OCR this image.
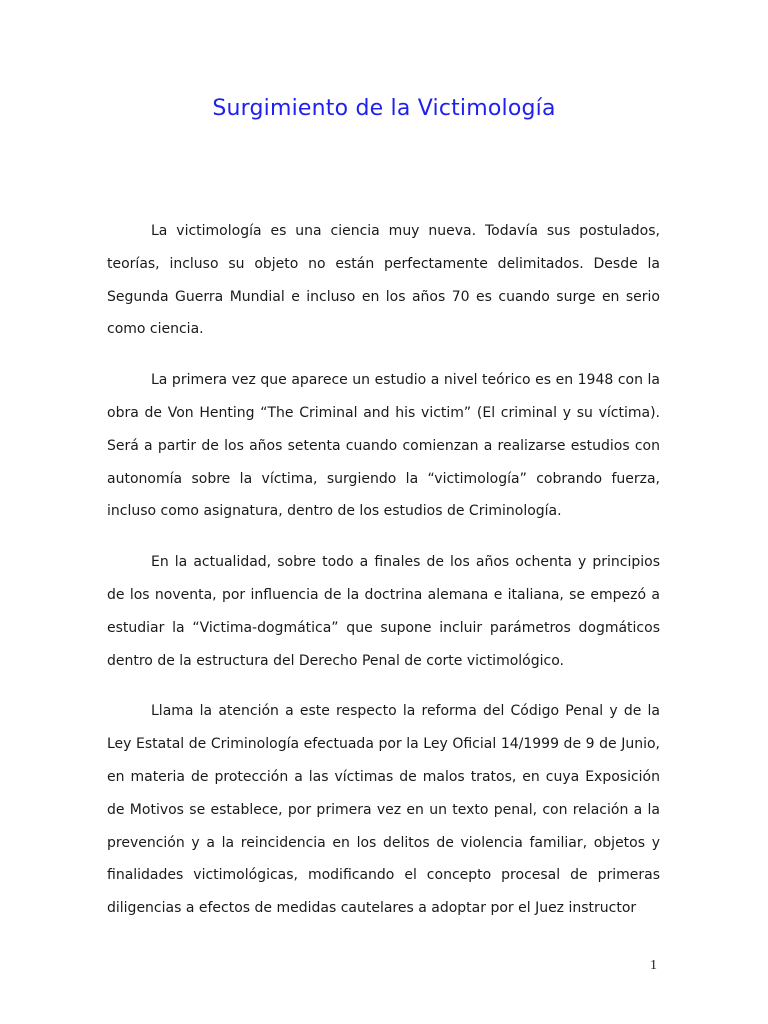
Surgimiento de la Victimología

La victimología es una ciencia muy nueva. Todavía sus postulados, teorías, incluso su objeto no están perfectamente delimitados. Desde la Segunda Guerra Mundial e incluso en los años 70 es cuando surge en serio como ciencia.

La primera vez que aparece un estudio a nivel teórico es en 1948 con la obra de Von Henting “The Criminal and his victim” (El criminal y su víctima). Será a partir de los años setenta cuando comienzan a realizarse estudios con autonomía sobre la víctima, surgiendo la “victimología” cobrando fuerza, incluso como asignatura, dentro de los estudios de Criminología.

En la actualidad, sobre todo a finales de los años ochenta y principios de los noventa, por influencia de la doctrina alemana e italiana, se empezó a estudiar la “Victima-dogmática” que supone incluir parámetros dogmáticos dentro de la estructura del Derecho Penal de corte victimológico.

Llama la atención a este respecto la reforma del Código Penal y de la Ley Estatal de Criminología efectuada por la Ley Oficial 14/1999 de 9 de Junio, en materia de protección a las víctimas de malos tratos, en cuya Exposición de Motivos se establece, por primera vez en un texto penal, con relación a la prevención y a la reincidencia en los delitos de violencia familiar, objetos y finalidades victimológicas, modificando el concepto procesal de primeras diligencias a efectos de medidas cautelares a adoptar por el Juez instructor

1
